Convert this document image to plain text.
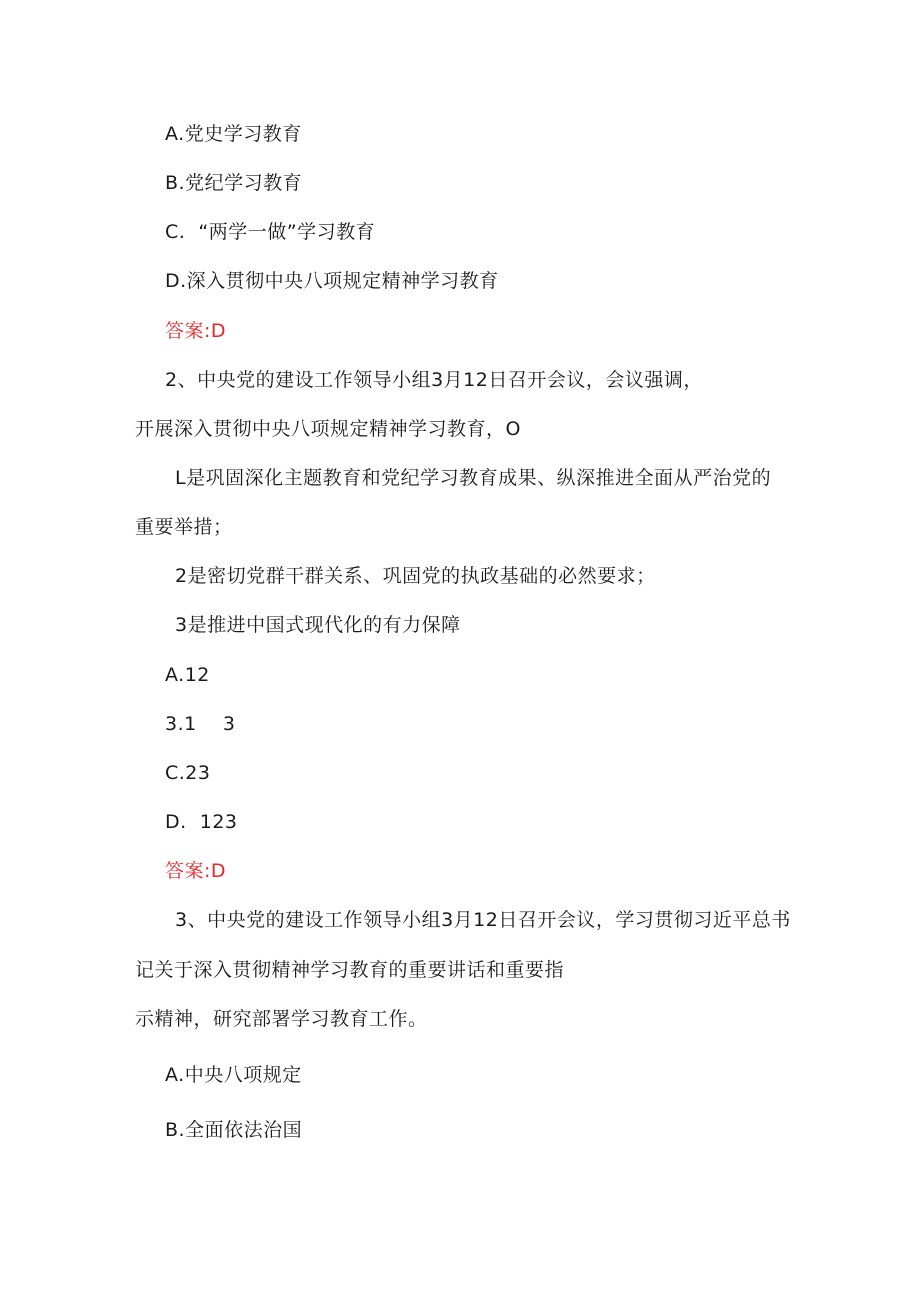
A.党史学习教育
B.党纪学习教育
C.  “两学一做”学习教育
D.深入贯彻中央八项规定精神学习教育
答案:D
2、中央党的建设工作领导小组3月12日召开会议，会议强调，
开展深入贯彻中央八项规定精神学习教育，O
L是巩固深化主题教育和党纪学习教育成果、纵深推进全面从严治党的
重要举措；
2是密切党群干群关系、巩固党的执政基础的必然要求；
3是推进中国式现代化的有力保障
A.12
3.1    3
C.23
D.  123
答案:D
3、中央党的建设工作领导小组3月12日召开会议，学习贯彻习近平总书
记关于深入贯彻精神学习教育的重要讲话和重要指
示精神，研究部署学习教育工作。
A.中央八项规定
B.全面依法治国
